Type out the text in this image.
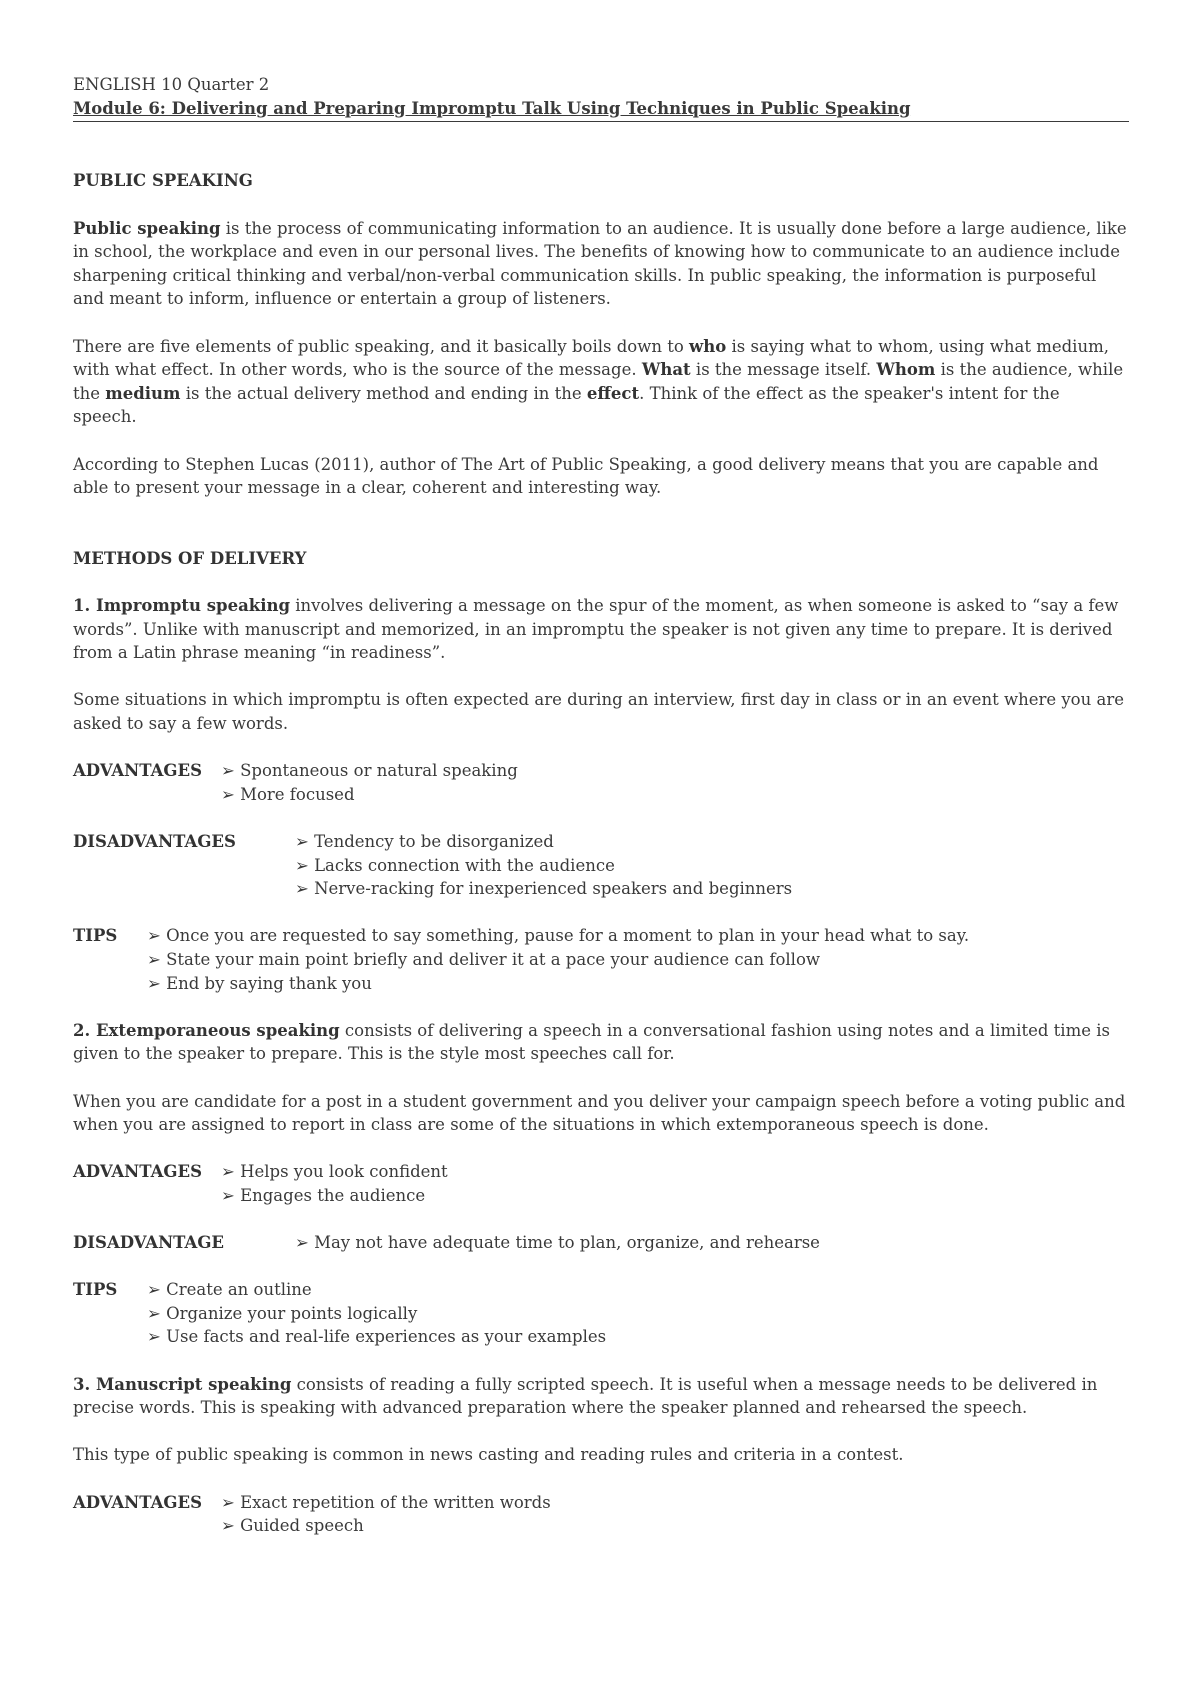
ENGLISH 10 Quarter 2

Module 6: Delivering and Preparing Impromptu Talk Using Techniques in Public Speaking

PUBLIC SPEAKING

Public speaking is the process of communicating information to an audience. It is usually done before a large audience, like in school, the workplace and even in our personal lives. The benefits of knowing how to communicate to an audience include sharpening critical thinking and verbal/non-verbal communication skills. In public speaking, the information is purposeful and meant to inform, influence or entertain a group of listeners.

There are five elements of public speaking, and it basically boils down to who is saying what to whom, using what medium, with what effect. In other words, who is the source of the message. What is the message itself. Whom is the audience, while the medium is the actual delivery method and ending in the effect. Think of the effect as the speaker's intent for the speech.

According to Stephen Lucas (2011), author of The Art of Public Speaking, a good delivery means that you are capable and able to present your message in a clear, coherent and interesting way.

METHODS OF DELIVERY

1. Impromptu speaking involves delivering a message on the spur of the moment, as when someone is asked to “say a few words”. Unlike with manuscript and memorized, in an impromptu the speaker is not given any time to prepare. It is derived from a Latin phrase meaning “in readiness”.

Some situations in which impromptu is often expected are during an interview, first day in class or in an event where you are asked to say a few words.

ADVANTAGES	➢ Spontaneous or natural speaking
➢ More focused
DISADVANTAGES	➢ Tendency to be disorganized
➢ Lacks connection with the audience
➢ Nerve-racking for inexperienced speakers and beginners
TIPS	➢ Once you are requested to say something, pause for a moment to plan in your head what to say.
➢ State your main point briefly and deliver it at a pace your audience can follow
➢ End by saying thank you

2. Extemporaneous speaking consists of delivering a speech in a conversational fashion using notes and a limited time is given to the speaker to prepare. This is the style most speeches call for.

When you are candidate for a post in a student government and you deliver your campaign speech before a voting public and when you are assigned to report in class are some of the situations in which extemporaneous speech is done.

ADVANTAGES	➢ Helps you look confident
➢ Engages the audience
DISADVANTAGE	➢ May not have adequate time to plan, organize, and rehearse
TIPS	➢ Create an outline
➢ Organize your points logically
➢ Use facts and real-life experiences as your examples

3. Manuscript speaking consists of reading a fully scripted speech. It is useful when a message needs to be delivered in precise words. This is speaking with advanced preparation where the speaker planned and rehearsed the speech.

This type of public speaking is common in news casting and reading rules and criteria in a contest.

ADVANTAGES	➢ Exact repetition of the written words
➢ Guided speech
